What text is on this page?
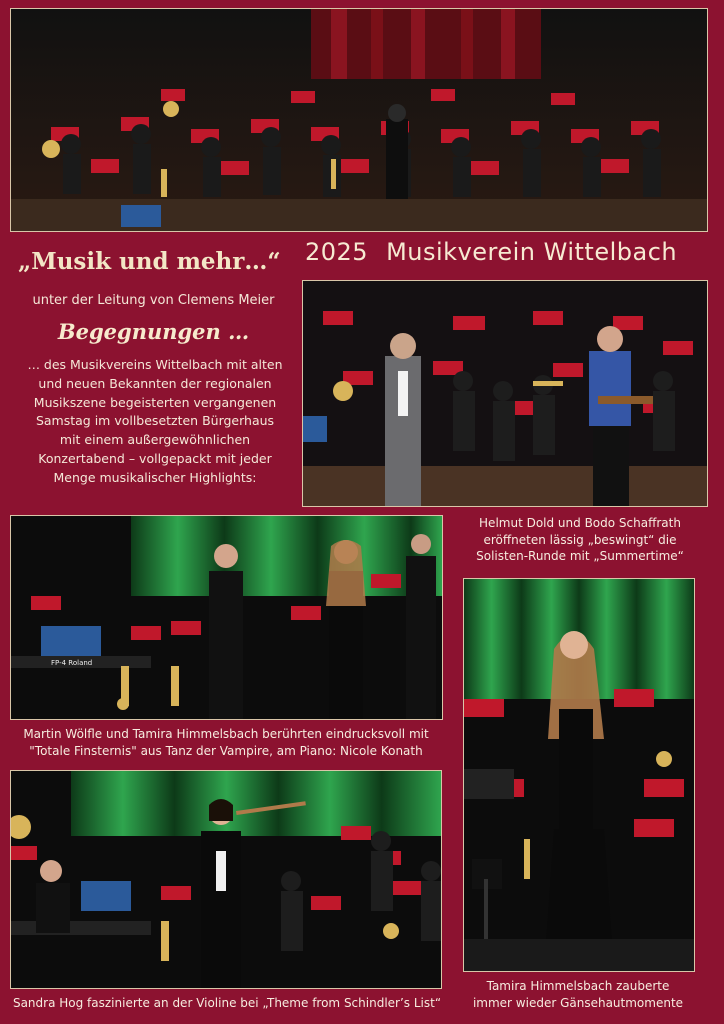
„Musik und mehr…“ 2025 Musikverein Wittelbach
unter der Leitung von Clemens Meier
Begegnungen …
… des Musikvereins Wittelbach mit alten
und neuen Bekannten der regionalen
Musikszene begeisterten vergangenen
Samstag im vollbesetzten Bürgerhaus
mit einem außergewöhnlichen
Konzertabend – vollgepackt mit jeder
Menge musikalischer Highlights:
Helmut Dold und Bodo Schaffrath
eröffneten lässig „beswingt“ die
Solisten-Runde mit „Summertime“
FP-4 Roland
Martin Wölfle und Tamira Himmelsbach berührten eindrucksvoll mit
"Totale Finsternis" aus Tanz der Vampire, am Piano: Nicole Konath
Tamira Himmelsbach zauberte
immer wieder Gänsehautmomente
Sandra Hog faszinierte an der Violine bei „Theme from Schindler’s List“
